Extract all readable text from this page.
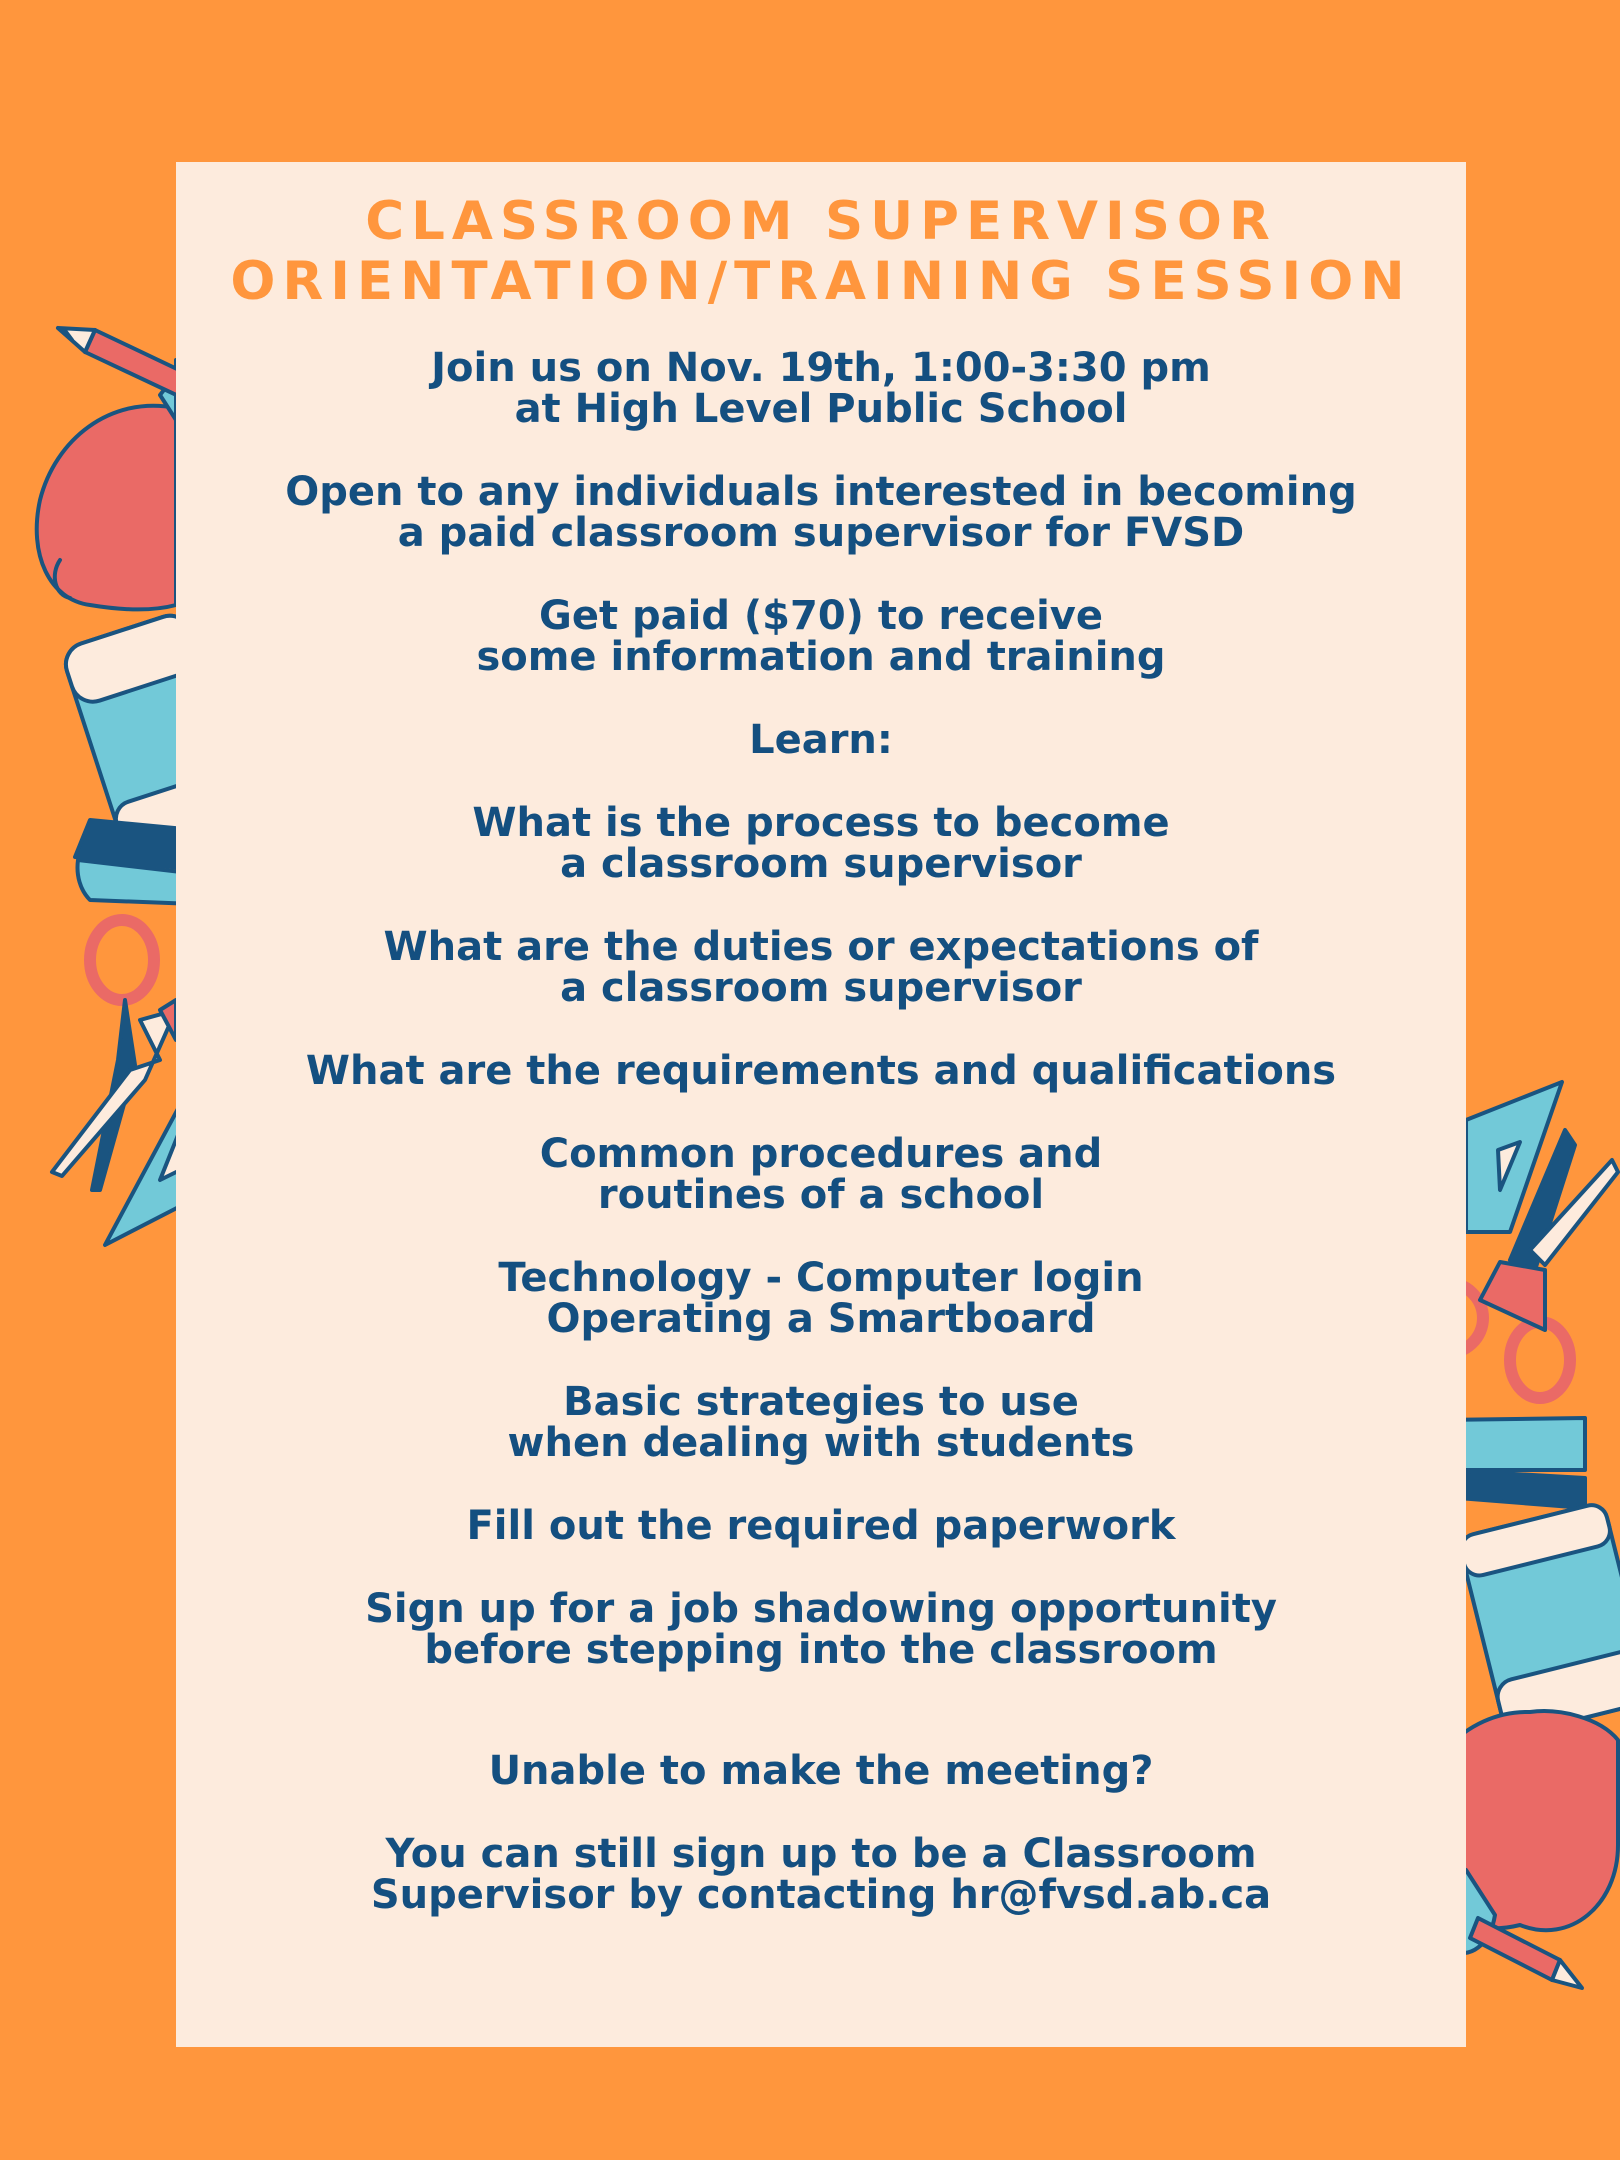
CLASSROOM SUPERVISOR
ORIENTATION/TRAINING SESSION
Join us on Nov. 19th, 1:00-3:30 pm
at High Level Public School
Open to any individuals interested in becoming
a paid classroom supervisor for FVSD
Get paid ($70) to receive
some information and training
Learn:
What is the process to become
a classroom supervisor
What are the duties or expectations of
a classroom supervisor
What are the requirements and qualifications
Common procedures and
routines of a school
Technology - Computer login
Operating a Smartboard
Basic strategies to use
when dealing with students
Fill out the required paperwork
Sign up for a job shadowing opportunity
before stepping into the classroom
Unable to make the meeting?
You can still sign up to be a Classroom
Supervisor by contacting hr@fvsd.ab.ca
